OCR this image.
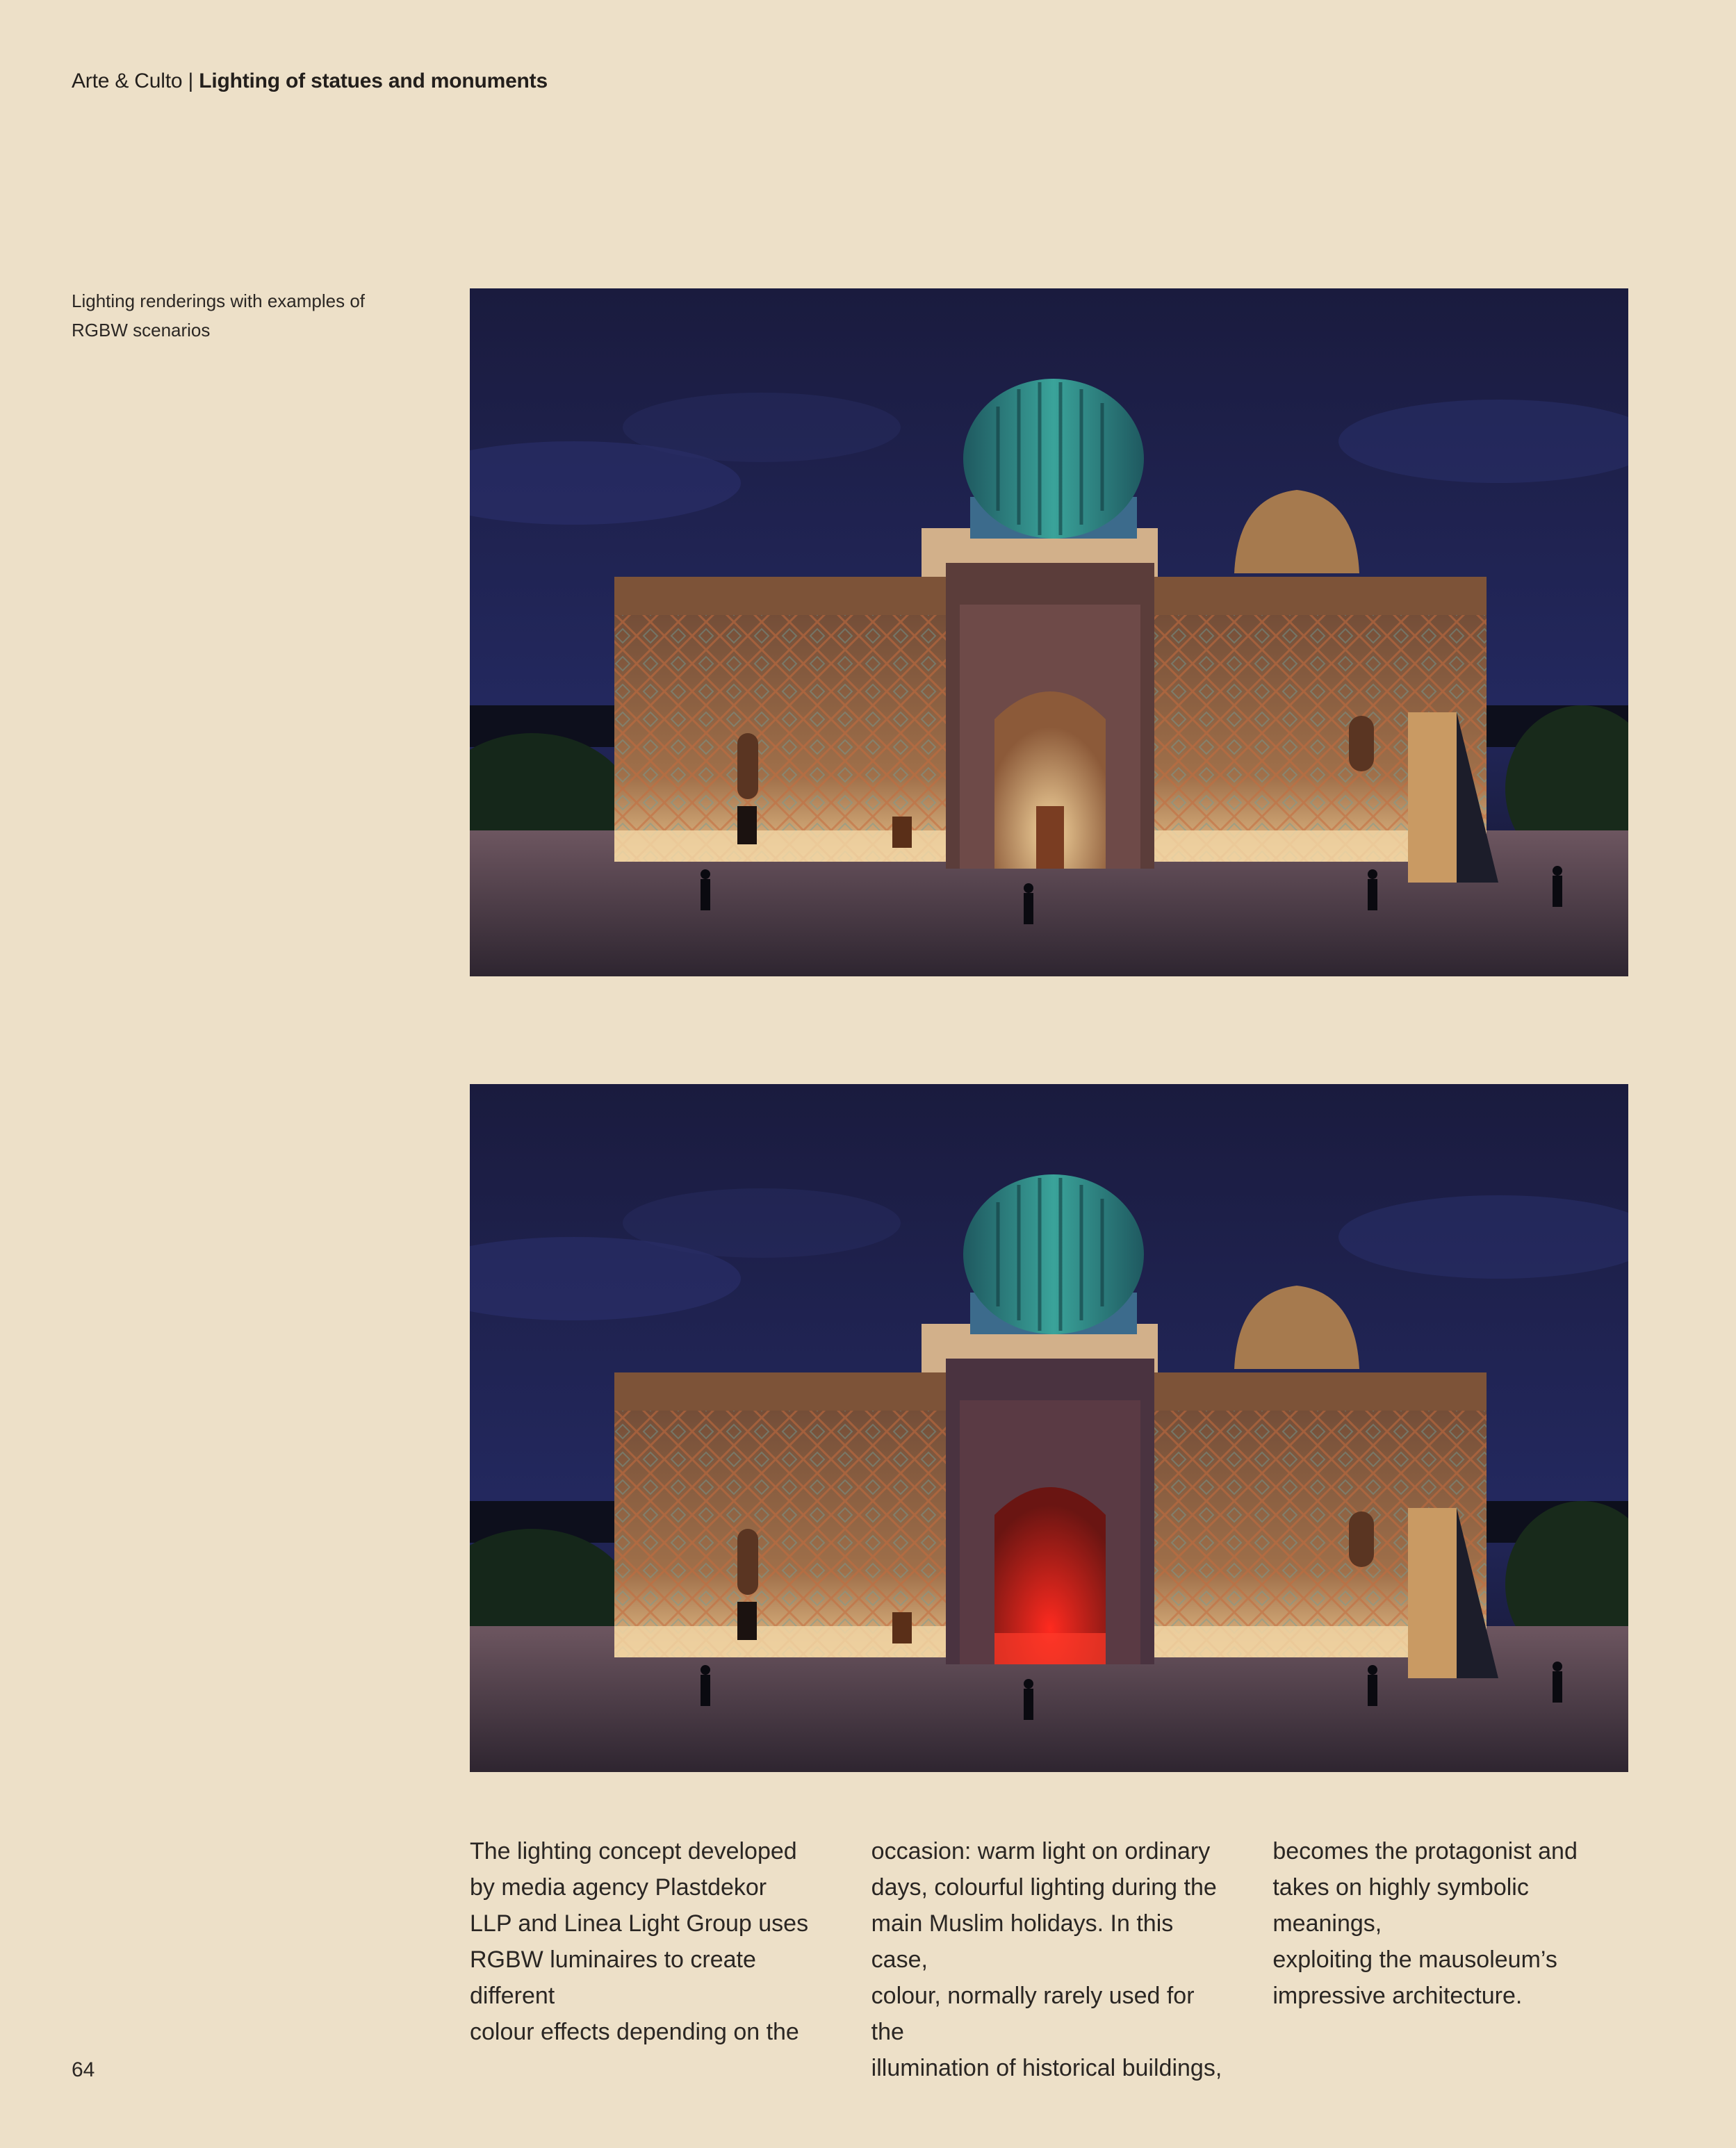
Arte & Culto | Lighting of statues and monuments
Lighting renderings with examples of
RGBW scenarios
The lighting concept developed
by media agency Plastdekor
LLP and Linea Light Group uses
RGBW luminaires to create different
colour effects depending on the
occasion: warm light on ordinary
days, colourful lighting during the
main Muslim holidays. In this case,
colour, normally rarely used for the
illumination of historical buildings,
becomes the protagonist and
takes on highly symbolic meanings,
exploiting the mausoleum’s
impressive architecture.
64
